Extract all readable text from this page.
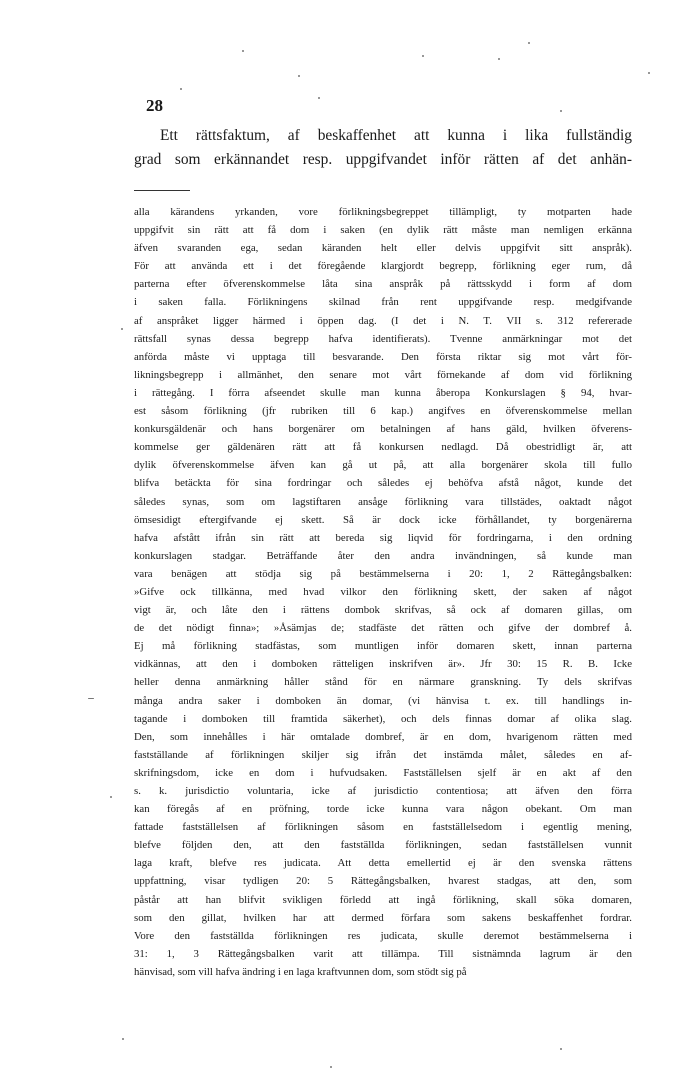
28
Ett rättsfaktum, af beskaffenhet att kunna i lika fullständig
grad som erkännandet resp. uppgifvandet inför rätten af det anhän-
alla kärandens yrkanden, vore förlikningsbegreppet tillämpligt, ty motparten hade
uppgifvit sin rätt att få dom i saken (en dylik rätt måste man nemligen erkänna
äfven svaranden ega, sedan käranden helt eller delvis uppgifvit sitt anspråk).
För att använda ett i det föregående klargjordt begrepp, förlikning eger rum, då
parterna efter öfverenskommelse låta sina anspråk på rättsskydd i form af dom
i saken falla. Förlikningens skilnad från rent uppgifvande resp. medgifvande
af anspråket ligger härmed i öppen dag. (I det i N. T. VII s. 312 refererade
rättsfall synas dessa begrepp hafva identifierats). Tvenne anmärkningar mot det
anförda måste vi upptaga till besvarande. Den första riktar sig mot vårt för-
likningsbegrepp i allmänhet, den senare mot vårt förnekande af dom vid förlikning
i rättegång. I förra afseendet skulle man kunna åberopa Konkurslagen § 94, hvar-
est såsom förlikning (jfr rubriken till 6 kap.) angifves en öfverenskommelse mellan
konkursgäldenär och hans borgenärer om betalningen af hans gäld, hvilken öfverens-
kommelse ger gäldenären rätt att få konkursen nedlagd. Då obestridligt är, att
dylik öfverenskommelse äfven kan gå ut på, att alla borgenärer skola till fullo
blifva betäckta för sina fordringar och således ej behöfva afstå något, kunde det
således synas, som om lagstiftaren ansåge förlikning vara tillstädes, oaktadt något
ömsesidigt eftergifvande ej skett. Så är dock icke förhållandet, ty borgenärerna
hafva afstått ifrån sin rätt att bereda sig liqvid för fordringarna, i den ordning
konkurslagen stadgar. Beträffande åter den andra invändningen, så kunde man
vara benägen att stödja sig på bestämmelserna i 20: 1, 2 Rättegångsbalken:
»Gifve ock tillkänna, med hvad vilkor den förlikning skett, der saken af något
vigt är, och låte den i rättens dombok skrifvas, så ock af domaren gillas, om
de det nödigt finna»; »Åsämjas de; stadfäste det rätten och gifve der dombref å.
Ej må förlikning stadfästas, som muntligen inför domaren skett, innan parterna
vidkännas, att den i domboken rätteligen inskrifven är». Jfr 30: 15 R. B. Icke
heller denna anmärkning håller stånd för en närmare granskning. Ty dels skrifvas
många andra saker i domboken än domar, (vi hänvisa t. ex. till handlings in-
tagande i domboken till framtida säkerhet), och dels finnas domar af olika slag.
Den, som innehålles i här omtalade dombref, är en dom, hvarigenom rätten med
fastställande af förlikningen skiljer sig ifrån det instämda målet, således en af-
skrifningsdom, icke en dom i hufvudsaken. Fastställelsen sjelf är en akt af den
s. k. jurisdictio voluntaria, icke af jurisdictio contentiosa; att äfven den förra
kan föregås af en pröfning, torde icke kunna vara någon obekant. Om man
fattade fastställelsen af förlikningen såsom en fastställelsedom i egentlig mening,
blefve följden den, att den fastställda förlikningen, sedan fastställelsen vunnit
laga kraft, blefve res judicata. Att detta emellertid ej är den svenska rättens
uppfattning, visar tydligen 20: 5 Rättegångsbalken, hvarest stadgas, att den, som
påstår att han blifvit svikligen förledd att ingå förlikning, skall söka domaren,
som den gillat, hvilken har att dermed förfara som sakens beskaffenhet fordrar.
Vore den fastställda förlikningen res judicata, skulle deremot bestämmelserna i
31: 1, 3 Rättegångsbalken varit att tillämpa. Till sistnämnda lagrum är den
hänvisad, som vill hafva ändring i en laga kraftvunnen dom, som stödt sig på
